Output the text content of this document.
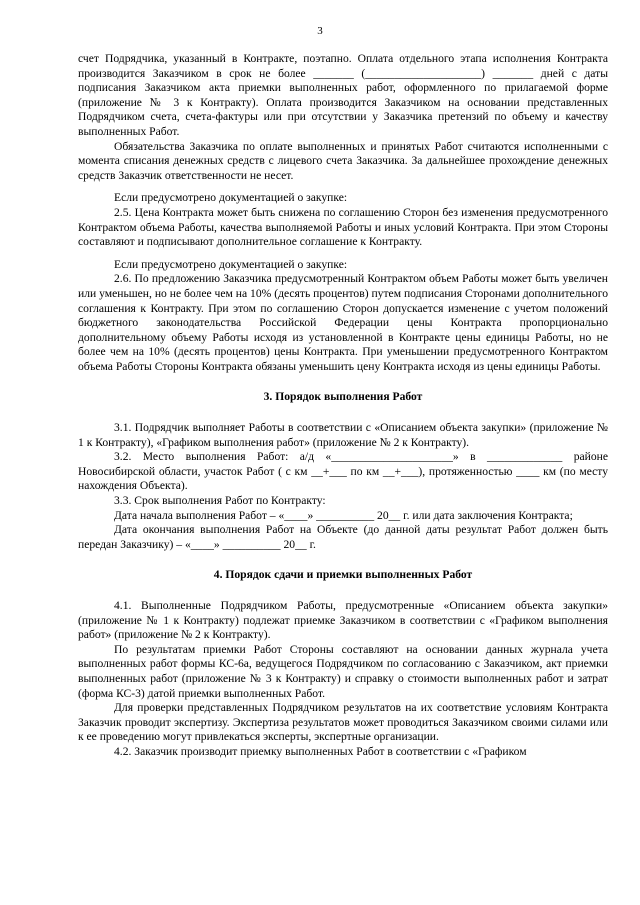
3

счет Подрядчика, указанный в Контракте, поэтапно. Оплата отдельного этапа исполнения Контракта производится Заказчиком в срок не более _______ (____________________) _______ дней с даты подписания Заказчиком акта приемки выполненных работ, оформленного по прилагаемой форме (приложение № 3 к Контракту). Оплата производится Заказчиком на основании представленных Подрядчиком счета, счета-фактуры или при отсутствии у Заказчика претензий по объему и качеству выполненных Работ.

Обязательства Заказчика по оплате выполненных и принятых Работ считаются исполненными с момента списания денежных средств с лицевого счета Заказчика. За дальнейшее прохождение денежных средств Заказчик ответственности не несет.

Если предусмотрено документацией о закупке:

2.5. Цена Контракта может быть снижена по соглашению Сторон без изменения предусмотренного Контрактом объема Работы, качества выполняемой Работы и иных условий Контракта. При этом Стороны составляют и подписывают дополнительное соглашение к Контракту.

Если предусмотрено документацией о закупке:

2.6. По предложению Заказчика предусмотренный Контрактом объем Работы может быть увеличен или уменьшен, но не более чем на 10% (десять процентов) путем подписания Сторонами дополнительного соглашения к Контракту. При этом по соглашению Сторон допускается изменение с учетом положений бюджетного законодательства Российской Федерации цены Контракта пропорционально дополнительному объему Работы исходя из установленной в Контракте цены единицы Работы, но не более чем на 10% (десять процентов) цены Контракта. При уменьшении предусмотренного Контрактом объема Работы Стороны Контракта обязаны уменьшить цену Контракта исходя из цены единицы Работы.

3. Порядок выполнения Работ

3.1. Подрядчик выполняет Работы в соответствии с «Описанием объекта закупки» (приложение № 1 к Контракту), «Графиком выполнения работ» (приложение № 2 к Контракту).

3.2. Место выполнения Работ: а/д «_____________________» в _____________ районе Новосибирской области, участок Работ ( с км __+___ по км __+___), протяженностью ____ км (по месту нахождения Объекта).

3.3. Срок выполнения Работ по Контракту:

Дата начала выполнения Работ – «____» __________ 20__ г. или дата заключения Контракта;

Дата окончания выполнения Работ на Объекте (до данной даты результат Работ должен быть передан Заказчику) – «____» __________ 20__ г.

4. Порядок сдачи и приемки выполненных Работ

4.1. Выполненные Подрядчиком Работы, предусмотренные «Описанием объекта закупки» (приложение № 1 к Контракту) подлежат приемке Заказчиком в соответствии с «Графиком выполнения работ» (приложение № 2 к Контракту).

По результатам приемки Работ Стороны составляют на основании данных журнала учета выполненных работ формы КС-6а, ведущегося Подрядчиком по согласованию с Заказчиком, акт приемки выполненных работ (приложение № 3 к Контракту) и справку о стоимости выполненных работ и затрат (форма КС-3) датой приемки выполненных Работ.

Для проверки представленных Подрядчиком результатов на их соответствие условиям Контракта Заказчик проводит экспертизу. Экспертиза результатов может проводиться Заказчиком своими силами или к ее проведению могут привлекаться эксперты, экспертные организации.

4.2. Заказчик производит приемку выполненных Работ в соответствии с «Графиком
